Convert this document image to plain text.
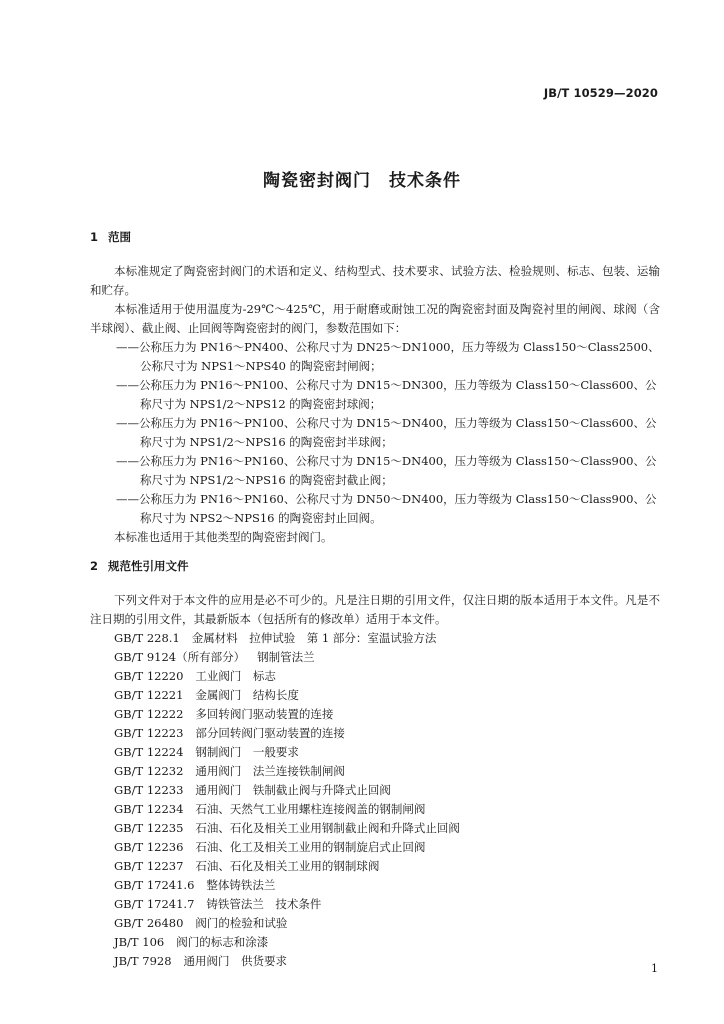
JB/T 10529—2020
陶瓷密封阀门　技术条件
1 范围

本标准规定了陶瓷密封阀门的术语和定义、结构型式、技术要求、试验方法、检验规则、标志、包装、运输和贮存。

本标准适用于使用温度为-29℃～425℃，用于耐磨或耐蚀工况的陶瓷密封面及陶瓷衬里的闸阀、球阀（含半球阀）、截止阀、止回阀等陶瓷密封的阀门，参数范围如下：

——公称压力为 PN16～PN400、公称尺寸为 DN25～DN1000，压力等级为 Class150～Class2500、公称尺寸为 NPS1～NPS40 的陶瓷密封闸阀；

——公称压力为 PN16～PN100、公称尺寸为 DN15～DN300，压力等级为 Class150～Class600、公称尺寸为 NPS1/2～NPS12 的陶瓷密封球阀；

——公称压力为 PN16～PN100、公称尺寸为 DN15～DN400，压力等级为 Class150～Class600、公称尺寸为 NPS1/2～NPS16 的陶瓷密封半球阀；

——公称压力为 PN16～PN160、公称尺寸为 DN15～DN400，压力等级为 Class150～Class900、公称尺寸为 NPS1/2～NPS16 的陶瓷密封截止阀；

——公称压力为 PN16～PN160、公称尺寸为 DN50～DN400，压力等级为 Class150～Class900、公称尺寸为 NPS2～NPS16 的陶瓷密封止回阀。

本标准也适用于其他类型的陶瓷密封阀门。

2 规范性引用文件

下列文件对于本文件的应用是必不可少的。凡是注日期的引用文件，仅注日期的版本适用于本文件。凡是不注日期的引用文件，其最新版本（包括所有的修改单）适用于本文件。

GB/T 228.1 金属材料　拉伸试验　第 1 部分：室温试验方法
GB/T 9124（所有部分） 钢制管法兰
GB/T 12220 工业阀门　标志
GB/T 12221 金属阀门　结构长度
GB/T 12222 多回转阀门驱动装置的连接
GB/T 12223 部分回转阀门驱动装置的连接
GB/T 12224 钢制阀门　一般要求
GB/T 12232 通用阀门　法兰连接铁制闸阀
GB/T 12233 通用阀门　铁制截止阀与升降式止回阀
GB/T 12234 石油、天然气工业用螺柱连接阀盖的钢制闸阀
GB/T 12235 石油、石化及相关工业用钢制截止阀和升降式止回阀
GB/T 12236 石油、化工及相关工业用的钢制旋启式止回阀
GB/T 12237 石油、石化及相关工业用的钢制球阀
GB/T 17241.6 整体铸铁法兰
GB/T 17241.7 铸铁管法兰　技术条件
GB/T 26480 阀门的检验和试验
JB/T 106 阀门的标志和涂漆
JB/T 7928 通用阀门　供货要求
1
